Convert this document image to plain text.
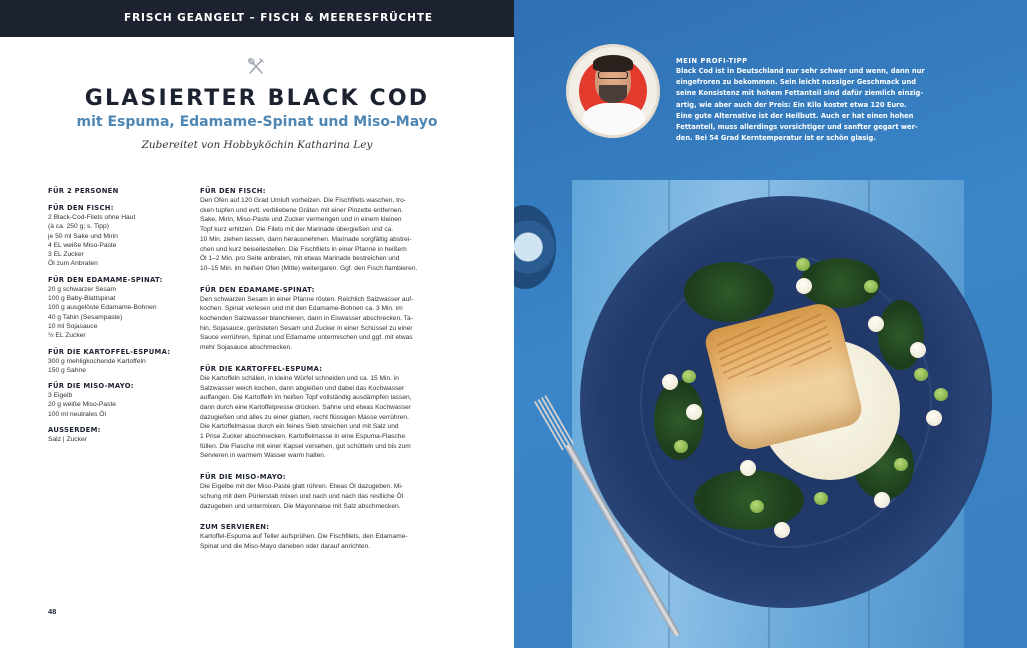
FRISCH GEANGELT – FISCH & MEERESFRÜCHTE
GLASIERTER BLACK COD
mit Espuma, Edamame-Spinat und Miso-Mayo
Zubereitet von Hobbyköchin Katharina Ley
FÜR 2 PERSONEN
FÜR DEN FISCH:
2 Black-Cod-Filets ohne Haut
(à ca. 250 g; s. Tipp)
je 50 ml Sake und Mirin
4 EL weiße Miso-Paste
3 EL Zucker
Öl zum Anbraten
FÜR DEN EDAMAME-SPINAT:
20 g schwarzer Sesam
100 g Baby-Blattspinat
100 g ausgelöste Edamame-Bohnen
40 g Tahin (Sesampaste)
10 ml Sojasauce
½ EL Zucker
FÜR DIE KARTOFFEL-ESPUMA:
300 g mehligkochende Kartoffeln
150 g Sahne
FÜR DIE MISO-MAYO:
3 Eigelb
20 g weiße Miso-Paste
100 ml neutrales Öl
AUSSERDEM:
Salz | Zucker
FÜR DEN FISCH:
Den Ofen auf 120 Grad Umluft vorheizen. Die Fischfilets waschen, tro-
cken tupfen und evtl. verbliebene Gräten mit einer Pinzette entfernen.
Sake, Mirin, Miso-Paste und Zucker vermengen und in einem kleinen
Topf kurz erhitzen. Die Filets mit der Marinade übergießen und ca.
10 Min. ziehen lassen, dann herausnehmen. Marinade sorgfältig abstrei-
chen und kurz beiseitestellen. Die Fischfilets in einer Pfanne in heißem
Öl 1–2 Min. pro Seite anbraten, mit etwas Marinade bestreichen und
10–15 Min. im heißen Ofen (Mitte) weitergaren. Ggf. den Fisch flambieren.
FÜR DEN EDAMAME-SPINAT:
Den schwarzen Sesam in einer Pfanne rösten. Reichlich Salzwasser auf-
kochen. Spinat verlesen und mit den Edamame-Bohnen ca. 3 Min. im
kochenden Salzwasser blanchieren, dann in Eiswasser abschrecken. Ta-
hin, Sojasauce, gerösteten Sesam und Zucker in einer Schüssel zu einer
Sauce verrühren, Spinat und Edamame untermischen und ggf. mit etwas
mehr Sojasauce abschmecken.
FÜR DIE KARTOFFEL-ESPUMA:
Die Kartoffeln schälen, in kleine Würfel schneiden und ca. 15 Min. in
Salzwasser weich kochen, dann abgießen und dabei das Kochwasser
auffangen. Die Kartoffeln im heißen Topf vollständig ausdämpfen lassen,
dann durch eine Kartoffelpresse drücken. Sahne und etwas Kochwasser
dazugießen und alles zu einer glatten, recht flüssigen Masse verrühren.
Die Kartoffelmasse durch ein feines Sieb streichen und mit Salz und
1 Prise Zucker abschmecken. Kartoffelmasse in eine Espuma-Flasche
füllen. Die Flasche mit einer Kapsel versehen, gut schütteln und bis zum
Servieren in warmem Wasser warm halten.
FÜR DIE MISO-MAYO:
Die Eigelbe mit der Miso-Paste glatt rühren. Etwas Öl dazugeben. Mi-
schung mit dem Pürierstab mixen und nach und nach das restliche Öl
dazugeben und untermixen. Die Mayonnaise mit Salz abschmecken.
ZUM SERVIEREN:
Kartoffel-Espuma auf Teller aufsprühen. Die Fischfilets, den Edamame-
Spinat und die Miso-Mayo daneben oder darauf anrichten.
48
MEIN PROFI-TIPP
Black Cod ist in Deutschland nur sehr schwer und wenn, dann nur
eingefroren zu bekommen. Sein leicht nussiger Geschmack und
seine Konsistenz mit hohem Fettanteil sind dafür ziemlich einzig-
artig, wie aber auch der Preis: Ein Kilo kostet etwa 120 Euro.
Eine gute Alternative ist der Heilbutt. Auch er hat einen hohen
Fettanteil, muss allerdings vorsichtiger und sanfter gegart wer-
den. Bei 54 Grad Kerntemperatur ist er schön glasig.
